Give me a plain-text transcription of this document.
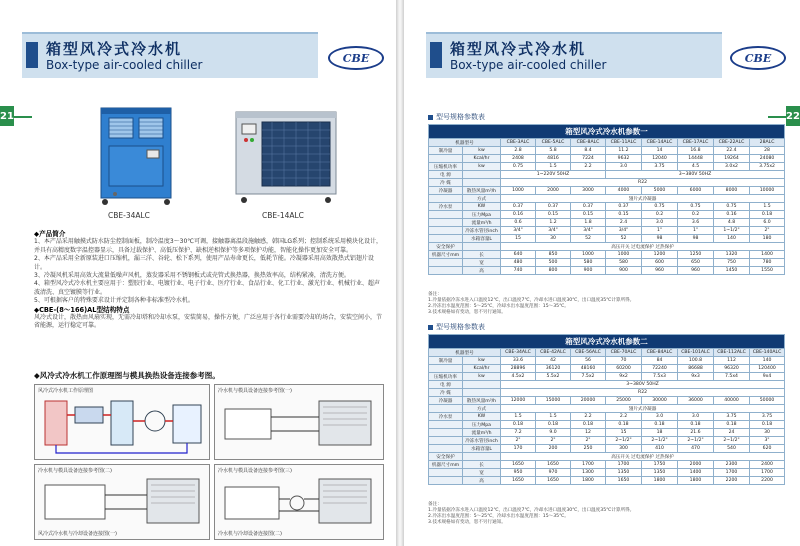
箱型风冷式冷水机
Box-type air-cooled chiller	CBE
21
CBE-34ALC	CBE-14ALC
◆产品简介

1、本产品采用触摸式防水防尘控制面板，制冷温度3～30℃可调，接触器离温段施触感，韩国LG系列；控制系统采用模块化设计，并具有高精度数字温控器显示，具备过载保护、高低压保护、缺相逆相保护等多项保护功能，智能化操作更加安全可靠。

2、本产品采用全新原装进口压缩机，漏三洋、谷轮、松下系列，使用产品寿命更长，低耗节能。冷凝器采用高效散热式铝翅片设计。

3、冷凝风机采用高效大流量低噪声风机，蒸发器采用不锈钢板式或壳管式换热器，换热效率高，结构紧凑，清洗方便。

4、箱型风冷式冷水机主要应用于：塑胶行业、电镀行业、电子行业、医疗行业、食品行业、化工行业、激光行业、机械行业、超声波清洗、真空镀膜等行业。

5、可根据客户的特殊要求设计并定制各种非标准型冷水机。

◆CBE-(8～166)AL型结构特点

风冷式设计，散热由风扇实现，无需冷却塔和冷却水泵，安装简易，操作方便，广泛应用于各行业需要冷却的场合，安装空间小，节省能源，运行稳定可靠。

◆风冷式冷水机工作原理图与模具换热设备连接参考图。
风冷式冷水机工作原理图	冷水机与模具设备连接参考图(一)
冷水机与模具设备连接参考图(二)
风冷式冷水机与冷却设备连接图(一)
冷水机与模具设备连接参考图(三)
冷水机与冷却设备连接图(二)
箱型风冷式冷水机
Box-type air-cooled chiller	CBE
22
型号规格参数表
箱型风冷式冷水机参数一									
机器型号		CBE-3ALC	CBE-5ALC	CBE-8ALC	CBE-11ALC	CBE-14ALC	CBE-17ALC	CBE-22ALC	28ALC
制冷量	kw	2.8	5.8	8.4	11.2	14	16.8	22.4	28
	Kcal/hr	2408	4816	7224	9632	12040	14448	19264	24080
压缩机功率	kw	0.75	1.5	2.2	3.0	3.75	4.5	3.0x2	3.75x2
电 源		1~220V 50HZ			3~380V 50HZ				
冷 媒		R22							
冷凝器	散热风量m³/h	1000	2000	3000	4000	5000	6000	8000	10000
	方式	翅片式冷凝器							
冷水泵	KW	0.37	0.37	0.37	0.37	0.75	0.75	0.75	1.5
	压力Mpa	0.16	0.15	0.15	0.15	0.2	0.2	0.16	0.18
	流量m³/h	0.6	1.2	1.8	2.4	3.0	3.6	4.8	6.0
	冷冻水管径inch	3/4"	3/4"	3/4"	3/4"	1"	1"	1~1/2"	2"
	水箱容量L	15	30	52	52	98	98	140	180
安全保护		高压开关 过电流保护 过热保护							
机器尺寸mm	长	640	850	1000	1000	1200	1250	1320	1400
	宽	480	500	580	580	600	650	750	780
	高	740	800	900	900	960	960	1450	1550
备注：
1.冷量依据冷冻水进入口温度12℃，出口温度7℃，冷却水进口温度30℃，出口温度35℃计算所得。
2.冷冻出水温度范围：5～25℃，冷却水出水温度范围：15～35℃。
3.技术规格如有变动，恕不另行通知。
型号规格参数表
箱型风冷式冷水机参数二									
机器型号		CBE-34ALC	CBE-42ALC	CBE-56ALC	CBE-70ALC	CBE-84ALC	CBE-101ALC	CBE-112ALC	CBE-140ALC
制冷量	kw	33.6	42	56	70	84	100.8	112	140
	Kcal/hr	28896	36120	48160	60200	72240	86688	96320	120400
压缩机功率	kw	4.5x2	5.5x2	7.5x2	9x2	7.5x3	9x3	7.5x4	9x4
电 源		3~380V 50HZ							
冷 媒		R22							
冷凝器	散热风量m³/h	12000	15000	20000	25000	30000	36000	40000	50000
	方式	翅片式冷凝器							
冷水泵	KW	1.5	1.5	2.2	2.2	3.0	3.0	3.75	3.75
	压力Mpa	0.18	0.18	0.18	0.18	0.18	0.18	0.18	0.18
	流量m³/h	7.2	9.0	12	15	18	21.6	24	30
	冷冻水管径inch	2"	2"	2"	2~1/2"	2~1/2"	2~1/2"	2~1/2"	3"
	水箱容量L	170	200	250	300	410	470	540	620
安全保护		高压开关 过电流保护 过热保护							
机器尺寸mm	长	1650	1650	1700	1700	1750	2000	2300	2400
	宽	950	970	1300	1350	1350	1400	1700	1700
	高	1650	1650	1800	1650	1800	1800	2200	2200
备注：
1.冷量依据冷冻水进入口温度12℃，出口温度7℃，冷却水进口温度30℃，出口温度35℃计算所得。
2.冷冻出水温度范围：5～25℃，冷却水出水温度范围：15～35℃。
3.技术规格如有变动，恕不另行通知。
